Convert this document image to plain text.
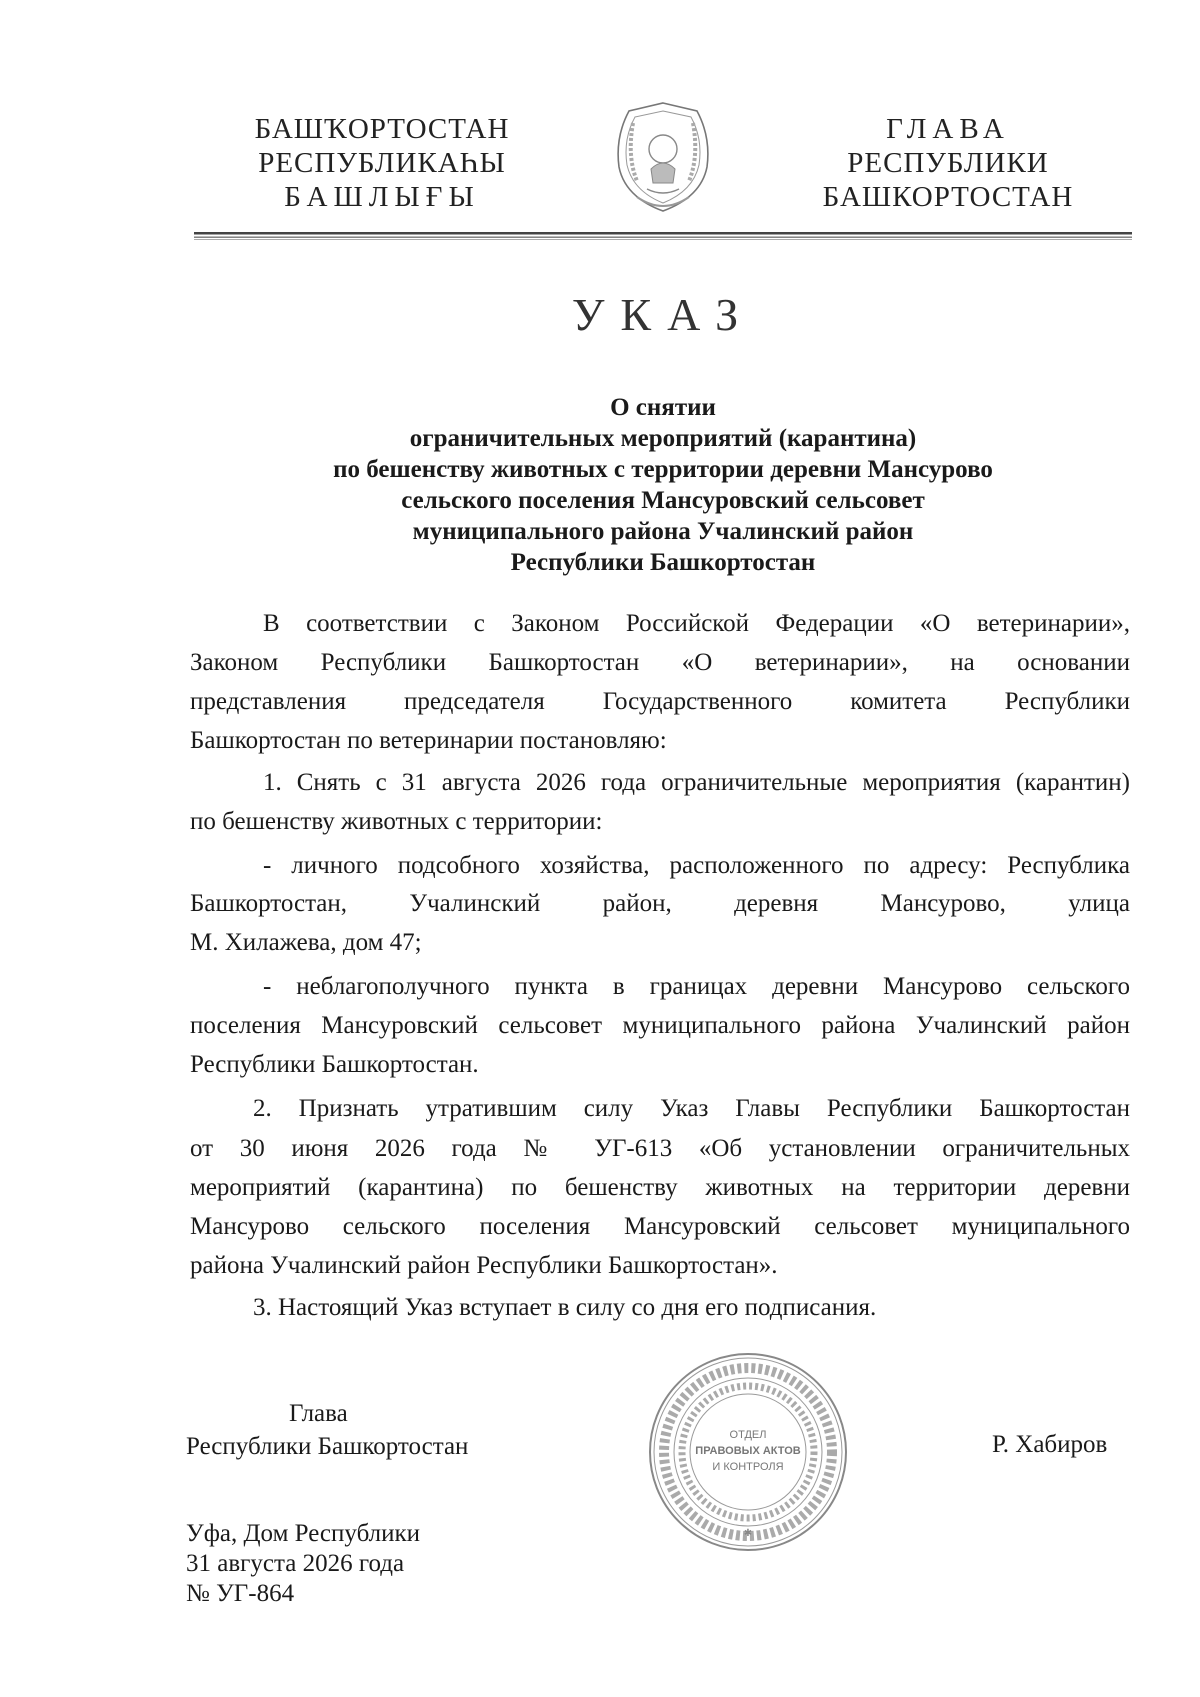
БАШҠОРТОСТАН
РЕСПУБЛИКАҺЫ
БАШЛЫҒЫ
ГЛАВА
РЕСПУБЛИКИ
БАШКОРТОСТАН
УКАЗ
О снятии
ограничительных мероприятий (карантина)
по бешенству животных с территории деревни Мансурово
сельского поселения Мансуровский сельсовет
муниципального района Учалинский район
Республики Башкортостан
В соответствии с Законом Российской Федерации «О ветеринарии»,
Законом Республики Башкортостан «О ветеринарии», на основании
представления председателя Государственного комитета Республики
Башкортостан по ветеринарии постановляю:
1. Снять с 31 августа 2026 года ограничительные мероприятия (карантин)
по бешенству животных с территории:
- личного подсобного хозяйства, расположенного по адресу: Республика
Башкортостан, Учалинский район, деревня Мансурово, улица
М. Хилажева, дом 47;
- неблагополучного пункта в границах деревни Мансурово сельского
поселения Мансуровский сельсовет муниципального района Учалинский район
Республики Башкортостан.
2. Признать утратившим силу Указ Главы Республики Башкортостан
от 30 июня 2026 года № УГ-613 «Об установлении ограничительных
мероприятий (карантина) по бешенству животных на территории деревни
Мансурово сельского поселения Мансуровский сельсовет муниципального
района Учалинский район Республики Башкортостан».
3. Настоящий Указ вступает в силу со дня его подписания.
Глава
Республики Башкортостан	Р. Хабиров
Уфа, Дом Республики
31 августа 2026 года
№ УГ-864
ОТДЕЛ
ПРАВОВЫХ АКТОВ
И КОНТРОЛЯ
✱
